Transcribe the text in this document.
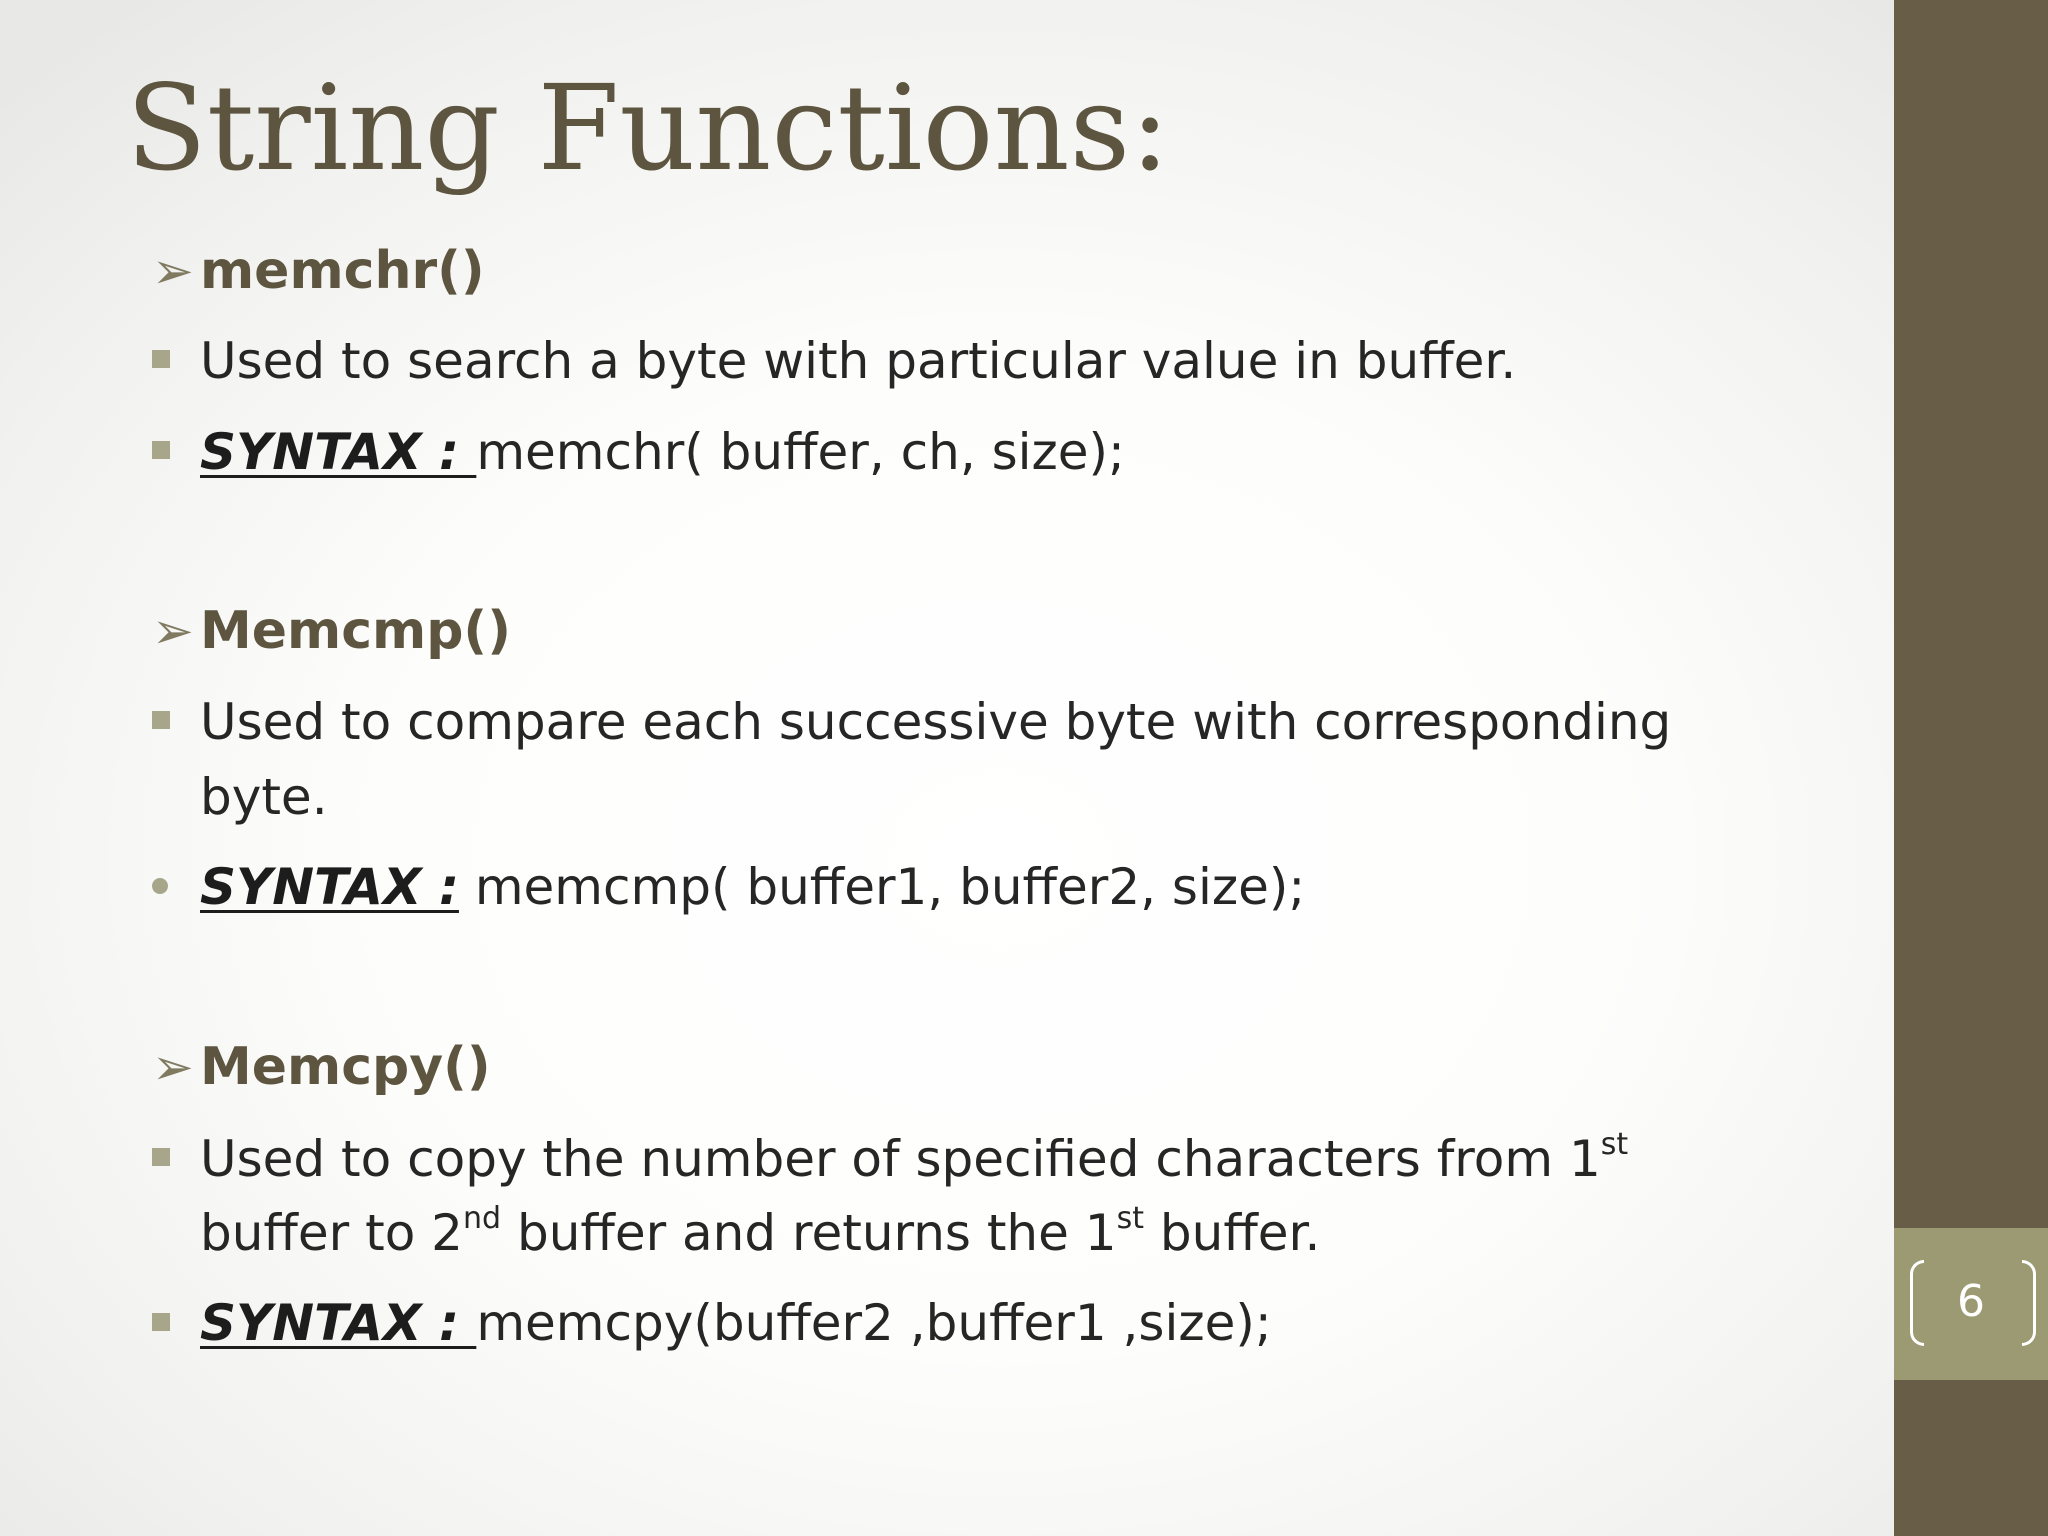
6
String Functions:
➢ memchr()
Used to search a byte with particular value in buffer.
SYNTAX : memchr( buffer, ch, size);
➢ Memcmp()
Used to compare each successive byte with corresponding
byte.
SYNTAX : memcmp( buffer1, buffer2, size);
➢ Memcpy()
Used to copy the number of specified characters from 1st
buffer to 2nd buffer and returns the 1st buffer.
SYNTAX : memcpy(buffer2 ,buffer1 ,size);
